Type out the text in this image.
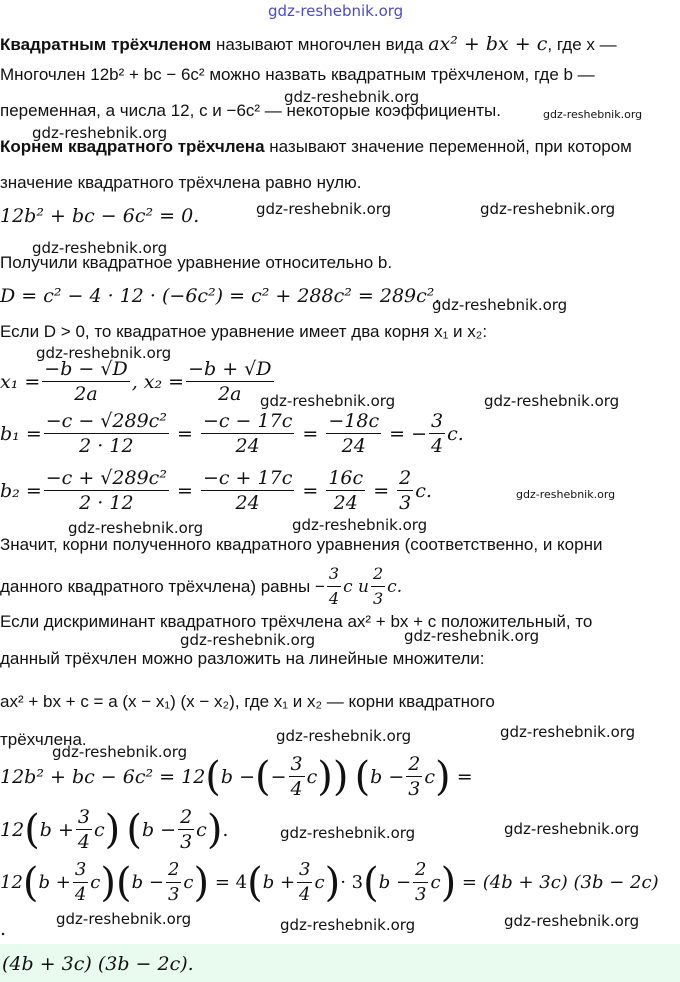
gdz-reshebnik.org
Квадратным трёхчленом называют многочлен вида ax² + bx + c, где x —
Многочлен 12b² + bc − 6c² можно назвать квадратным трёхчленом, где b —
gdz-reshebnik.org
переменная, а числа 12, c и −6c² — некоторые коэффициенты.	gdz-reshebnik.org
gdz-reshebnik.org
Корнем квадратного трёхчлена называют значение переменной, при котором
значение квадратного трёхчлена равно нулю.
12b² + bc − 6c² = 0.	gdz-reshebnik.org	gdz-reshebnik.org
gdz-reshebnik.org
Получили квадратное уравнение относительно b.
D = c² − 4 · 12 · (−6c²) = c² + 288c² = 289c².
gdz-reshebnik.org
Если D > 0, то квадратное уравнение имеет два корня x₁ и x₂:
gdz-reshebnik.org
$x_1 = \frac{-b - √D}{2a}$ , $x_2 = \frac{-b + √D}{2a}$
gdz-reshebnik.org	gdz-reshebnik.org
$b_1 = \frac{\text{−c − √289c²}}{2 \cdot 12} = \frac{-c - 17c}{24} = \frac{-18c}{24}$
= − $\frac{3}{4} c$.
$b_2 = \frac{\text{−c + √289c²}}{2 \cdot 12} = \frac{-c + 17c}{24} = \frac{16c}{24} = \frac{2}{3} c$.	gdz-reshebnik.org
gdz-reshebnik.org	gdz-reshebnik.org
Значит, корни полученного квадратного уравнения (соответственно, и корни
данного квадратного трёхчлена) равны − $\frac{3}{4}$ c и $\frac{2}{3} c$.
Если дискриминант квадратного трёхчлена ax² + bx + c положительный, то
gdz-reshebnik.org	gdz-reshebnik.org
данный трёхчлен можно разложить на линейные множители:
ax² + bx + c = a (x − x₁) (x − x₂), где x₁ и x₂ — корни квадратного
трёхчлена.	gdz-reshebnik.org	gdz-reshebnik.org
gdz-reshebnik.org
12b² + bc − 6c² = 12 ( b − ( − $\frac{3}{4}$ c ) )
( $b - \frac{2}{3}$ c )
=
12 ( $b + \frac{3}{4}$ c )
( $b - \frac{2}{3}$ c ) .	gdz-reshebnik.org	gdz-reshebnik.org
12 ( $b + \frac{3}{4}$ c ) ( $b - \frac{2}{3}$ c )
= 4 ( $b + \frac{3}{4}$ c ) · 3 ( $b - \frac{2}{3}$ c )
= (4b + 3c) (3b − 2c)
.	gdz-reshebnik.org	gdz-reshebnik.org	gdz-reshebnik.org
(4b + 3c) (3b − 2c).
